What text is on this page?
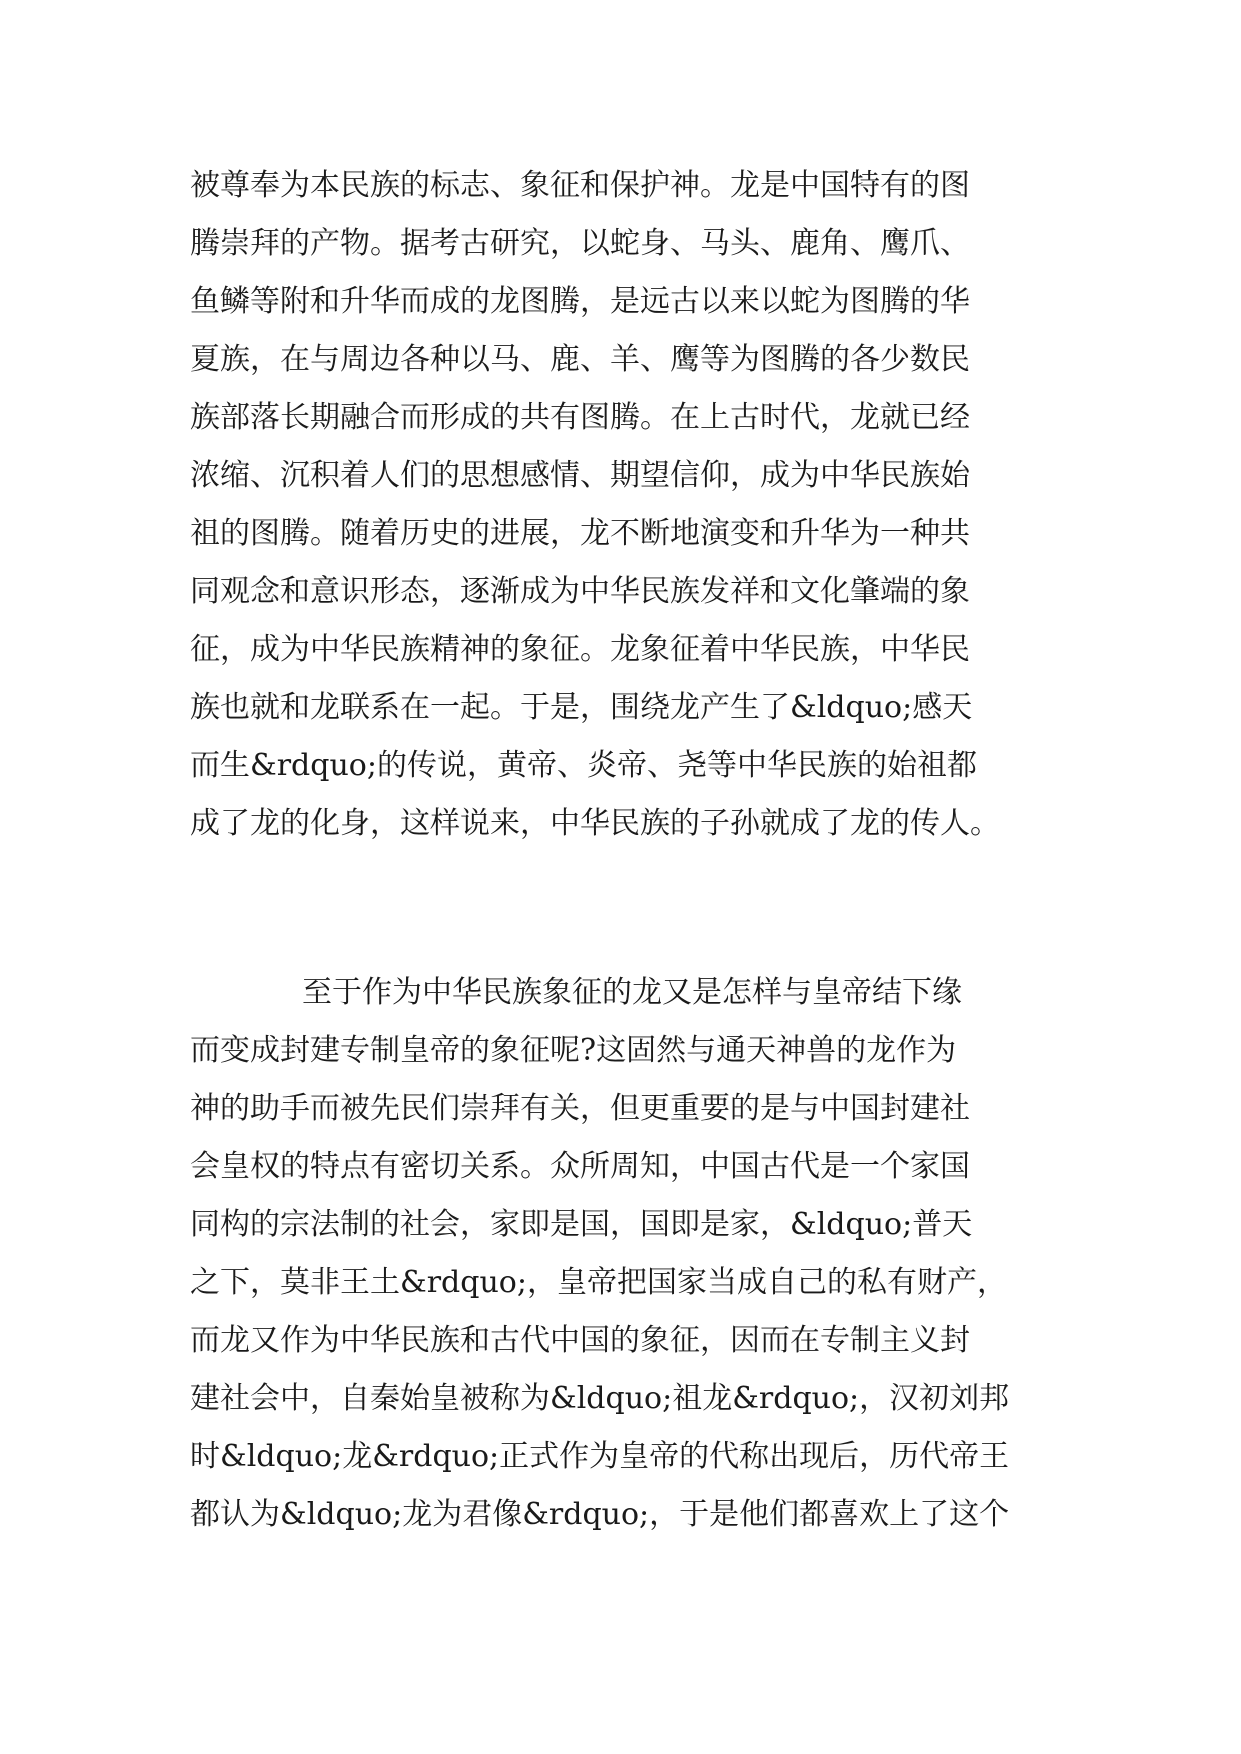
被尊奉为本民族的标志、象征和保护神。龙是中国特有的图
腾崇拜的产物。据考古研究，以蛇身、马头、鹿角、鹰爪、
鱼鳞等附和升华而成的龙图腾，是远古以来以蛇为图腾的华
夏族，在与周边各种以马、鹿、羊、鹰等为图腾的各少数民
族部落长期融合而形成的共有图腾。在上古时代，龙就已经
浓缩、沉积着人们的思想感情、期望信仰，成为中华民族始
祖的图腾。随着历史的进展，龙不断地演变和升华为一种共
同观念和意识形态，逐渐成为中华民族发祥和文化肇端的象
征，成为中华民族精神的象征。龙象征着中华民族，中华民
族也就和龙联系在一起。于是，围绕龙产生了&ldquo;感天
而生&rdquo;的传说，黄帝、炎帝、尧等中华民族的始祖都
成了龙的化身，这样说来，中华民族的子孙就成了龙的传人。
至于作为中华民族象征的龙又是怎样与皇帝结下缘
而变成封建专制皇帝的象征呢?这固然与通天神兽的龙作为
神的助手而被先民们崇拜有关，但更重要的是与中国封建社
会皇权的特点有密切关系。众所周知，中国古代是一个家国
同构的宗法制的社会，家即是国，国即是家，&ldquo;普天
之下，莫非王土&rdquo;，皇帝把国家当成自己的私有财产，
而龙又作为中华民族和古代中国的象征，因而在专制主义封
建社会中，自秦始皇被称为&ldquo;祖龙&rdquo;，汉初刘邦
时&ldquo;龙&rdquo;正式作为皇帝的代称出现后，历代帝王
都认为&ldquo;龙为君像&rdquo;，于是他们都喜欢上了这个
